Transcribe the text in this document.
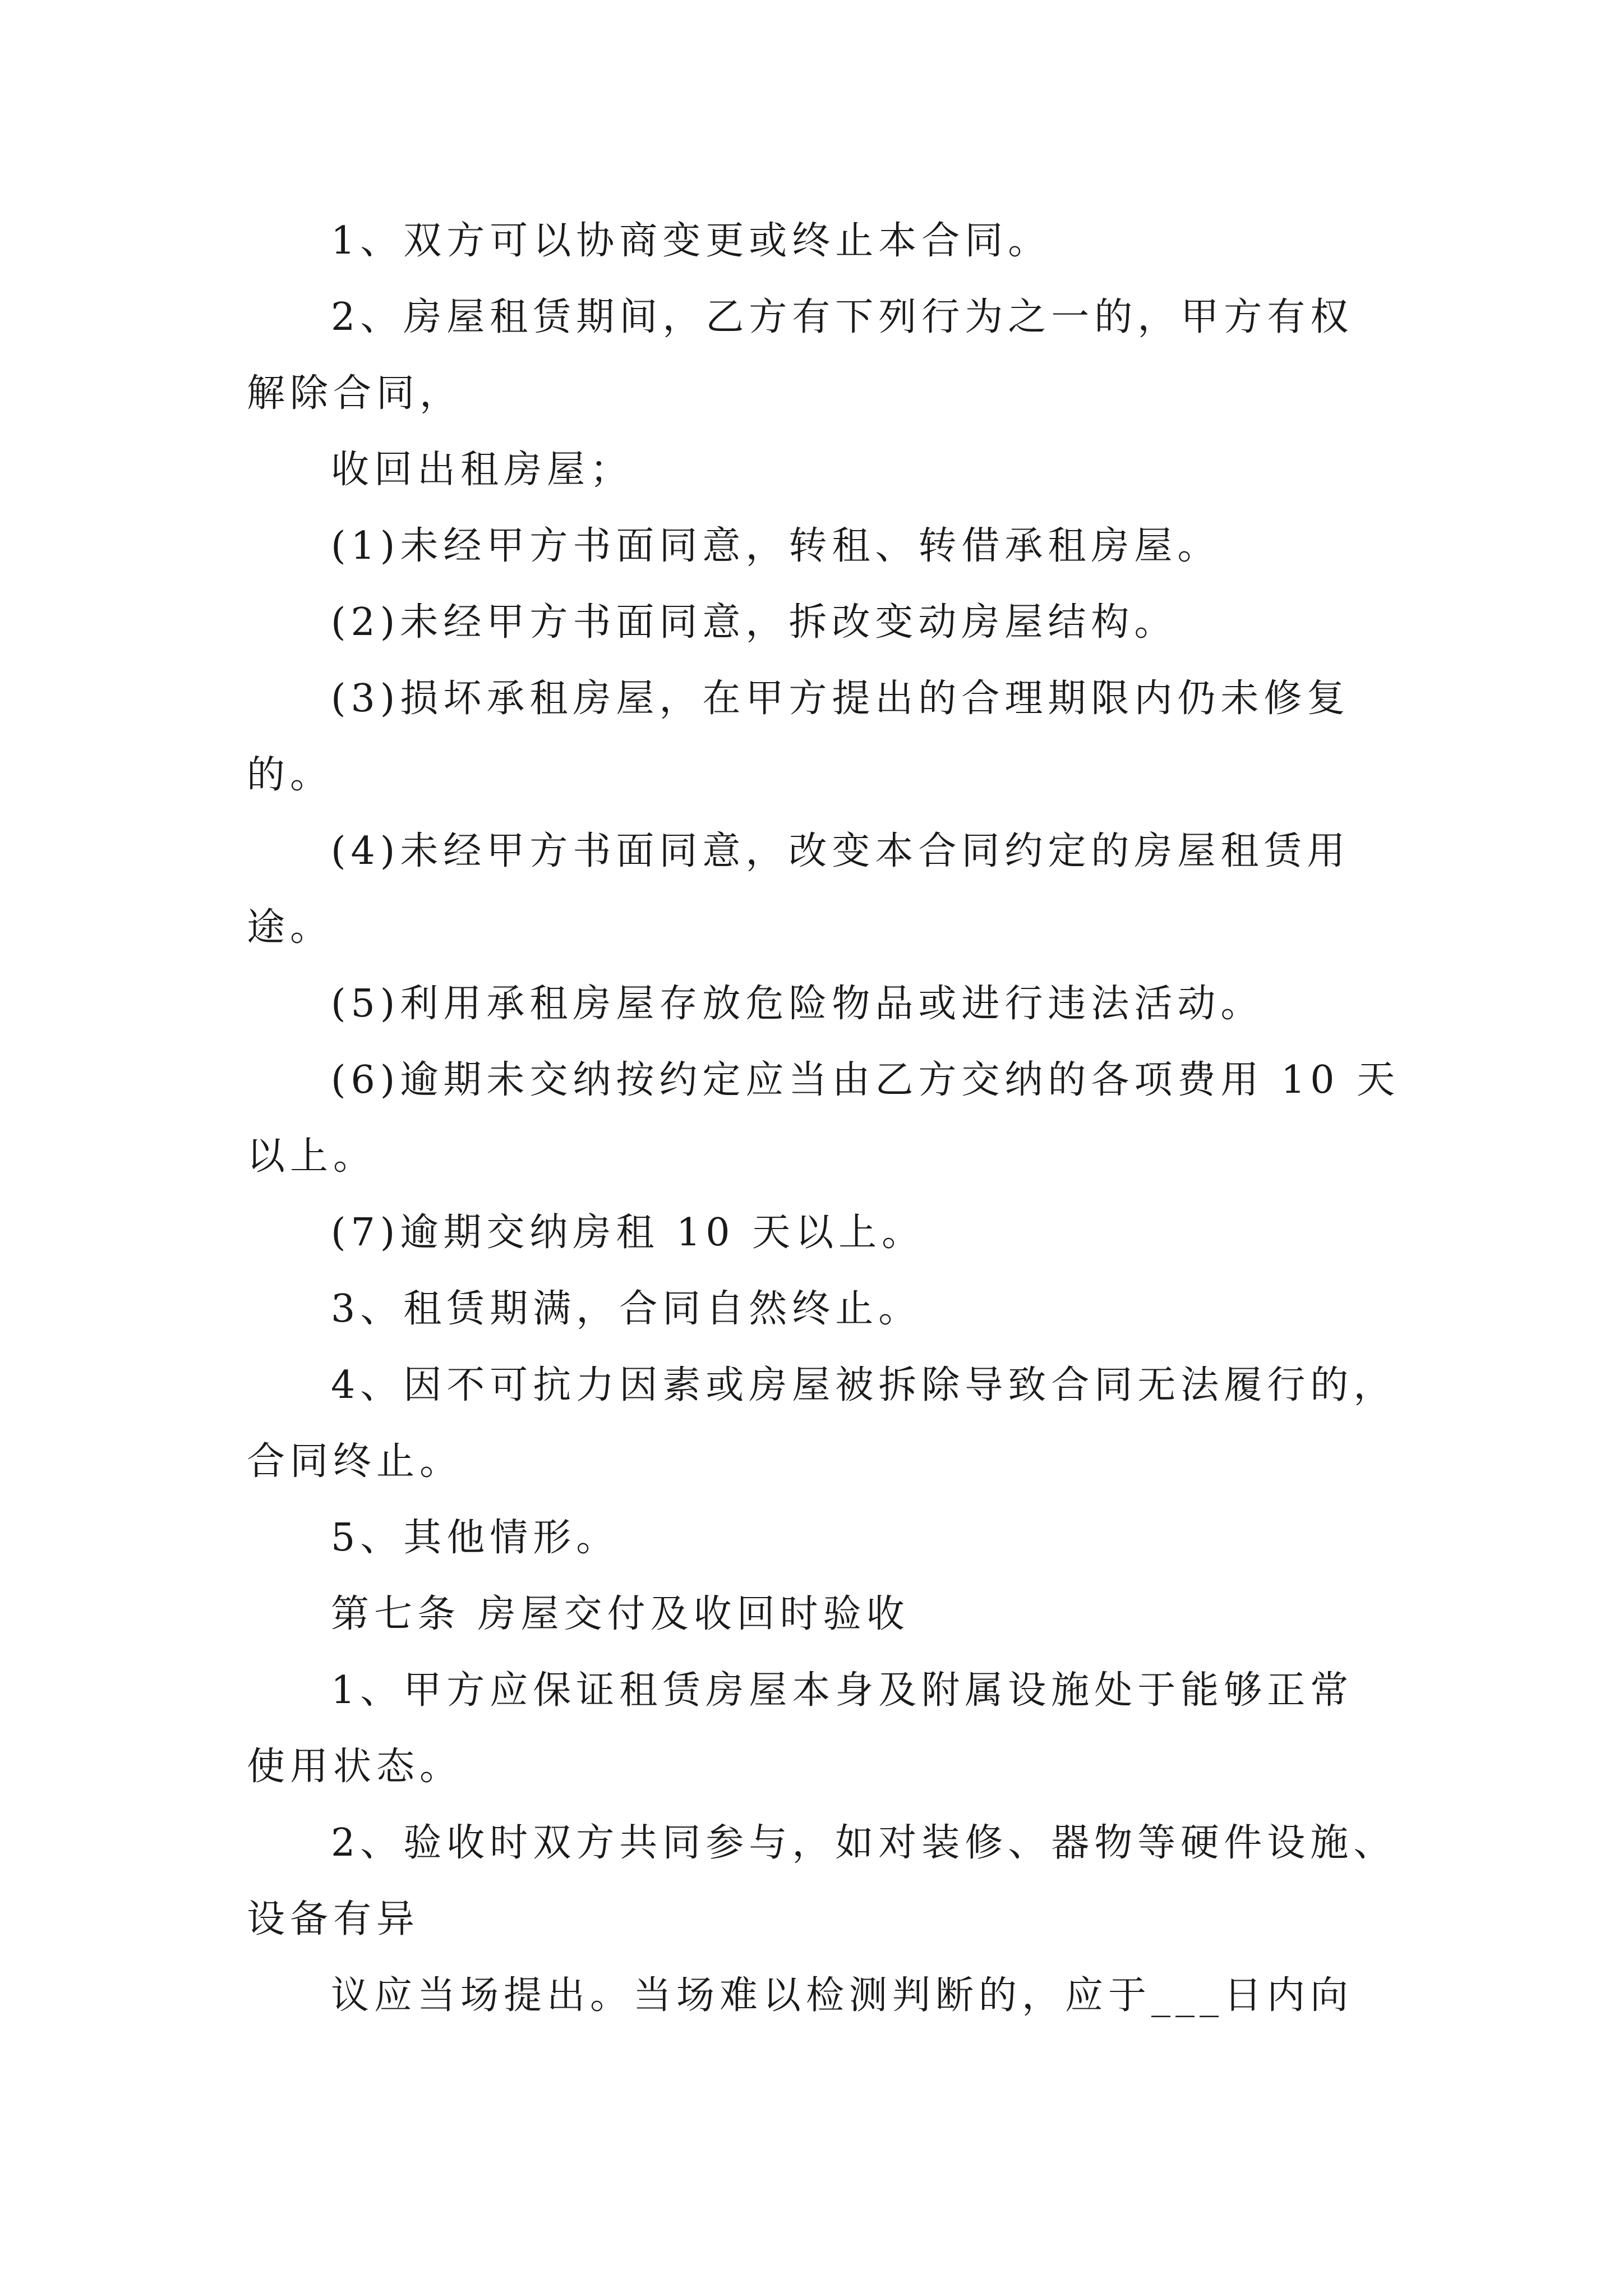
1、双方可以协商变更或终止本合同。
2、房屋租赁期间，乙方有下列行为之一的，甲方有权
解除合同，
收回出租房屋；
(1)未经甲方书面同意，转租、转借承租房屋。
(2)未经甲方书面同意，拆改变动房屋结构。
(3)损坏承租房屋，在甲方提出的合理期限内仍未修复
的。
(4)未经甲方书面同意，改变本合同约定的房屋租赁用
途。
(5)利用承租房屋存放危险物品或进行违法活动。
(6)逾期未交纳按约定应当由乙方交纳的各项费用 10 天
以上。
(7)逾期交纳房租 10 天以上。
3、租赁期满，合同自然终止。
4、因不可抗力因素或房屋被拆除导致合同无法履行的，
合同终止。
5、其他情形。
第七条 房屋交付及收回时验收
1、甲方应保证租赁房屋本身及附属设施处于能够正常
使用状态。
2、验收时双方共同参与，如对装修、器物等硬件设施、
设备有异
议应当场提出。当场难以检测判断的，应于___日内向
